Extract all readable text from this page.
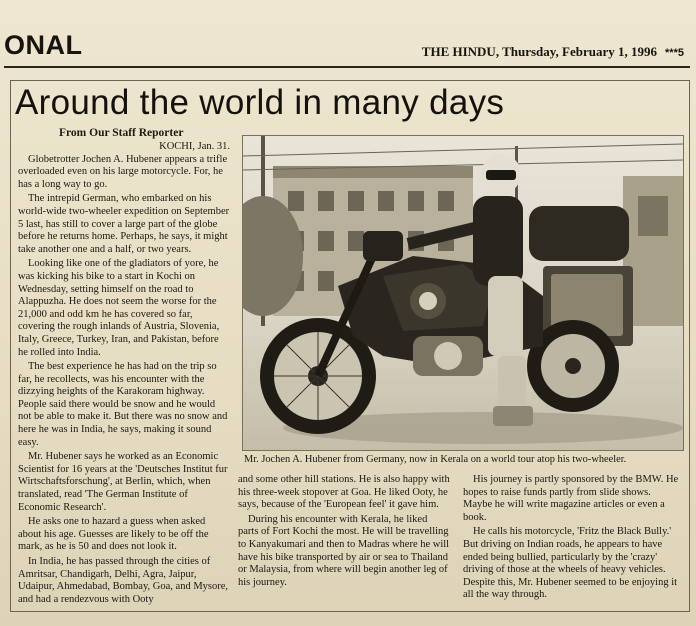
ONAL	THE HINDU, Thursday, February 1, 1996 ***5
Around the world in many days
From Our Staff Reporter
KOCHI, Jan. 31.

Globetrotter Jochen A. Hubener appears a trifle overloaded even on his large motorcycle. For, he has a long way to go.

The intrepid German, who embarked on his world-wide two-wheeler expedition on September 5 last, has still to cover a large part of the globe before he returns home. Perhaps, he says, it might take another one and a half, or two years.

Looking like one of the gladiators of yore, he was kicking his bike to a start in Kochi on Wednesday, setting himself on the road to Alappuzha. He does not seem the worse for the 21,000 and odd km he has covered so far, covering the rough inlands of Austria, Slovenia, Italy, Greece, Turkey, Iran, and Pakistan, before he rolled into India.

The best experience he has had on the trip so far, he recollects, was his encounter with the dizzying heights of the Karakoram highway. People said there would be snow and he would not be able to make it. But there was no snow and here he was in India, he says, making it sound easy.

Mr. Hubener says he worked as an Economic Scientist for 16 years at the 'Deutsches Institut fur Wirtschaftsforschung', at Berlin, which, when translated, read 'The German Institute of Economic Research'.

He asks one to hazard a guess when asked about his age. Guesses are likely to be off the mark, as he is 50 and does not look it.

In India, he has passed through the cities of Amritsar, Chandigarh, Delhi, Agra, Jaipur, Udaipur, Ahmedabad, Bombay, Goa, and Mysore, and had a rendezvous with Ooty

Mr. Jochen A. Hubener from Germany, now in Kerala on a world tour atop his two-wheeler.

and some other hill stations. He is also happy with his three-week stopover at Goa. He liked Ooty, he says, because of the 'European feel' it gave him.

During his encounter with Kerala, he liked parts of Fort Kochi the most. He will be travelling to Kanyakumari and then to Madras where he will have his bike transported by air or sea to Thailand or Malaysia, from where will begin another leg of his journey.

His journey is partly sponsored by the BMW. He hopes to raise funds partly from slide shows. Maybe he will write magazine articles or even a book.

He calls his motorcycle, 'Fritz the Black Bully.' But driving on Indian roads, he appears to have ended being bullied, particularly by the 'crazy' driving of those at the wheels of heavy vehicles. Despite this, Mr. Hubener seemed to be enjoying it all the way through.
